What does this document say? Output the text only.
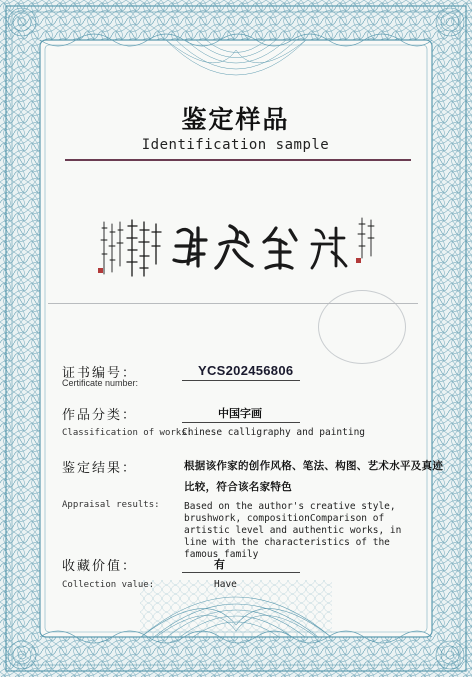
鉴定样品
Identification sample
证书编号：
Certificate number:
YCS202456806
作品分类：	中国字画
Classification of works:
Chinese calligraphy and painting
鉴定结果：	根据该作家的创作风格、笔法、构图、艺术水平及真迹比较，符合该名家特色
Appraisal results:	Based on the author's creative style, brushwork, compositionComparison of artistic level and authentic works, in line with the characteristics of the famous family
收藏价值：	有
Collection value:	Have
